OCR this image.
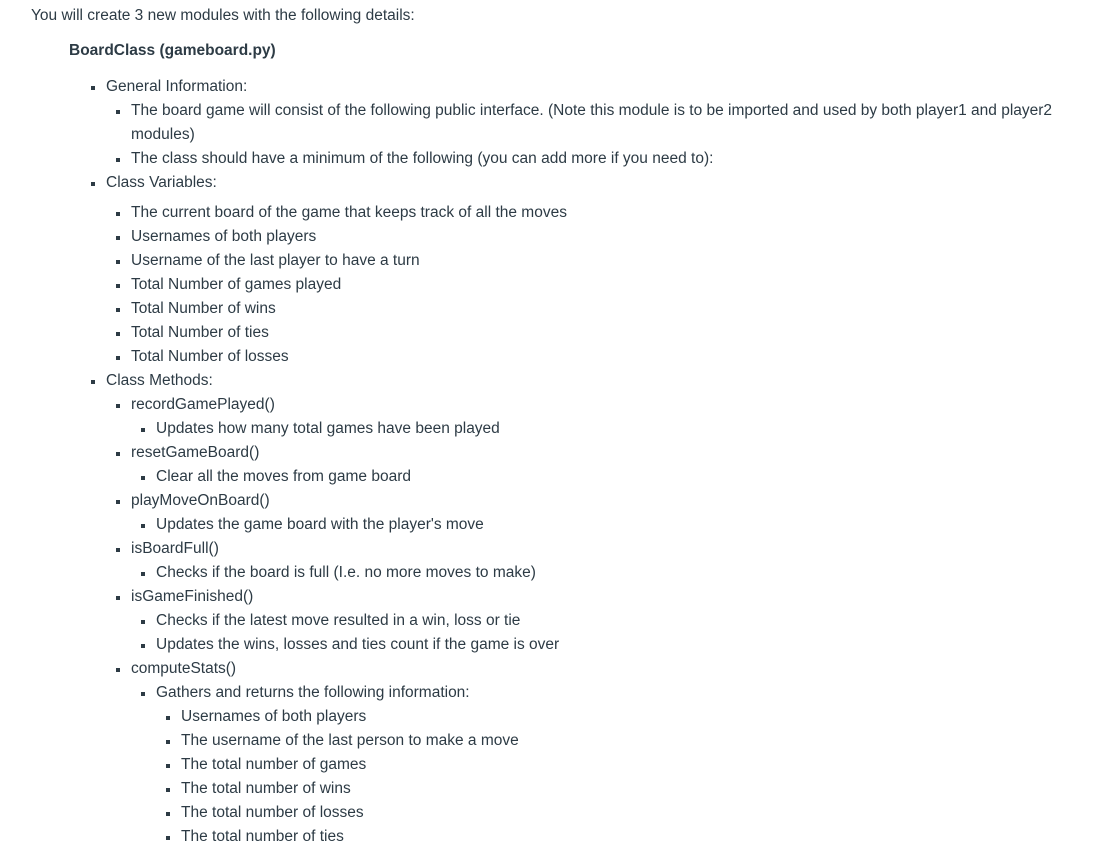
You will create 3 new modules with the following details:
BoardClass (gameboard.py)
General Information:
The board game will consist of the following public interface. (Note this module is to be imported and used by both player1 and player2 modules)
The class should have a minimum of the following (you can add more if you need to):
Class Variables:
The current board of the game that keeps track of all the moves
Usernames of both players
Username of the last player to have a turn
Total Number of games played
Total Number of wins
Total Number of ties
Total Number of losses
Class Methods:
recordGamePlayed()
Updates how many total games have been played
resetGameBoard()
Clear all the moves from game board
playMoveOnBoard()
Updates the game board with the player's move
isBoardFull()
Checks if the board is full (I.e. no more moves to make)
isGameFinished()
Checks if the latest move resulted in a win, loss or tie
Updates the wins, losses and ties count if the game is over
computeStats()
Gathers and returns the following information:
Usernames of both players
The username of the last person to make a move
The total number of games
The total number of wins
The total number of losses
The total number of ties
